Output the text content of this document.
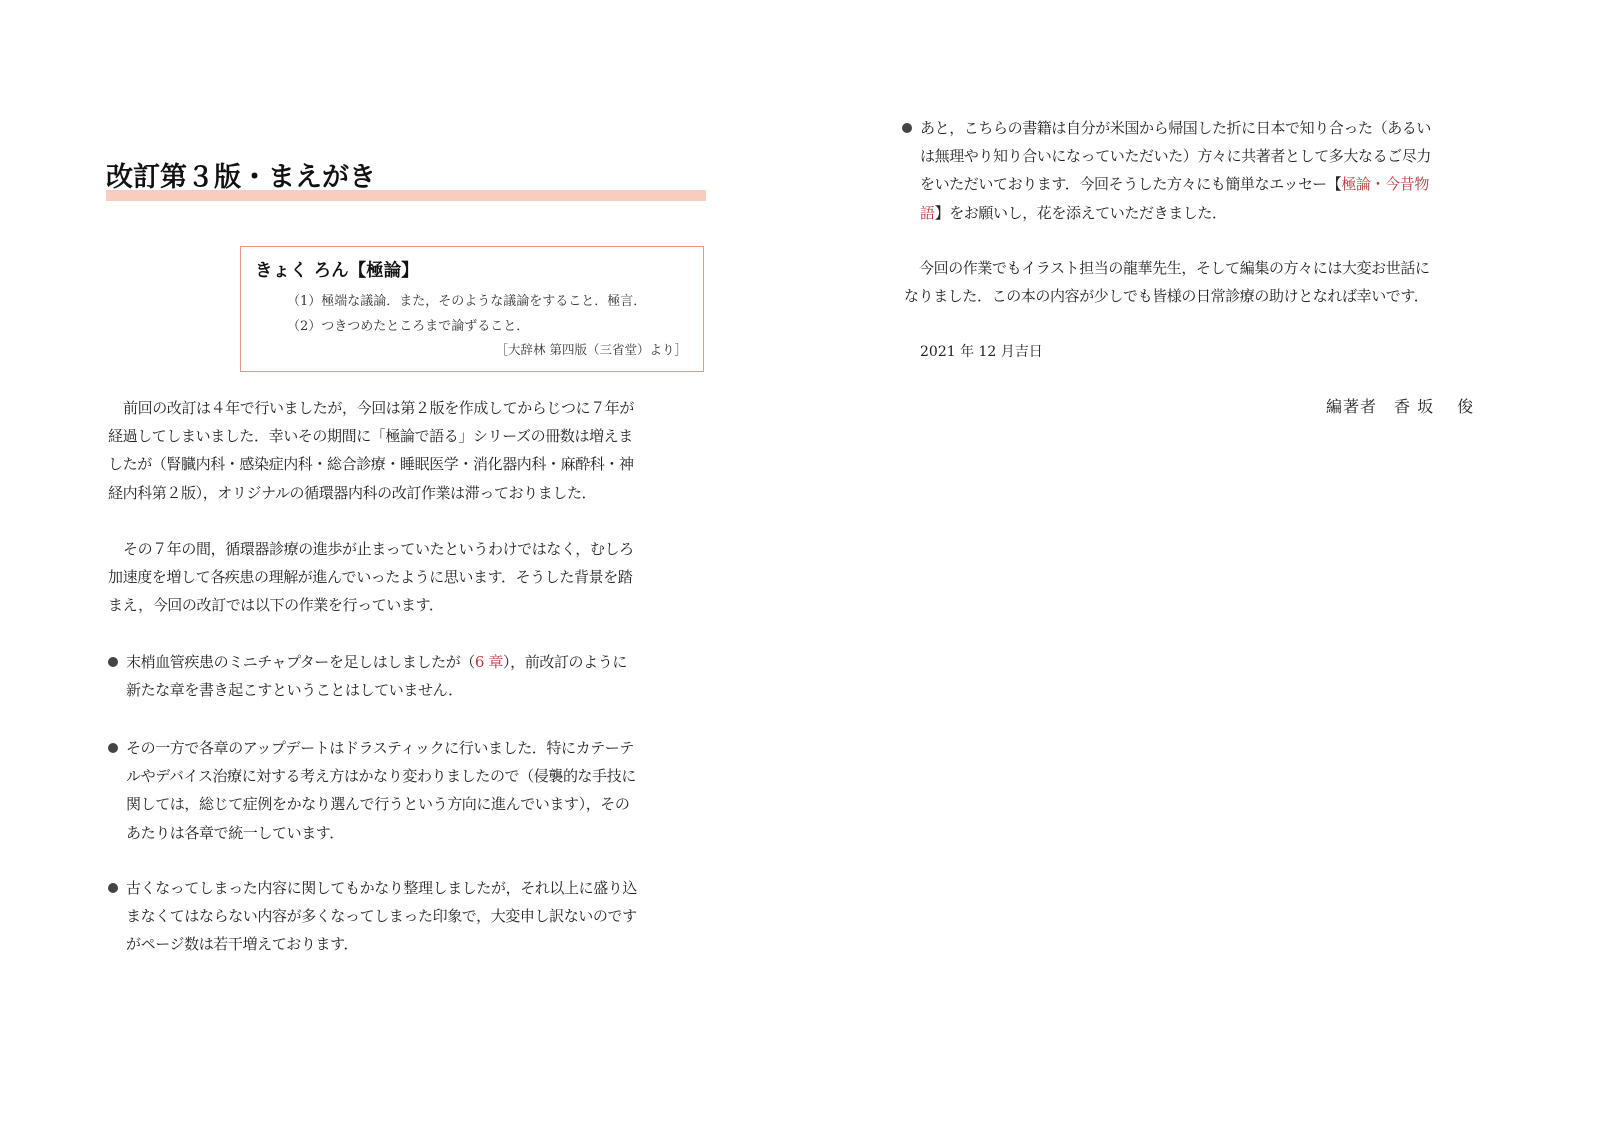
改訂第３版・まえがき
きょく ろん【極論】
（1）極端な議論．また，そのような議論をすること．極言．
（2）つきつめたところまで論ずること．
［大辞林 第四版（三省堂）より］

前回の改訂は４年で行いましたが，今回は第２版を作成してからじつに７年が
経過してしまいました．幸いその期間に「極論で語る」シリーズの冊数は増えま
したが（腎臓内科・感染症内科・総合診療・睡眠医学・消化器内科・麻酔科・神
経内科第２版），オリジナルの循環器内科の改訂作業は滞っておりました．

その７年の間，循環器診療の進歩が止まっていたというわけではなく，むしろ
加速度を増して各疾患の理解が進んでいったように思います．そうした背景を踏
まえ，今回の改訂では以下の作業を行っています．

末梢血管疾患のミニチャプターを足しはしましたが（6 章），前改訂のように
新たな章を書き起こすということはしていません．
その一方で各章のアップデートはドラスティックに行いました．特にカテーテ
ルやデバイス治療に対する考え方はかなり変わりましたので（侵襲的な手技に
関しては，総じて症例をかなり選んで行うという方向に進んでいます），その
あたりは各章で統一しています．
古くなってしまった内容に関してもかなり整理しましたが，それ以上に盛り込
まなくてはならない内容が多くなってしまった印象で，大変申し訳ないのです
がページ数は若干増えております．
あと，こちらの書籍は自分が米国から帰国した折に日本で知り合った（あるい
は無理やり知り合いになっていただいた）方々に共著者として多大なるご尽力
をいただいております．今回そうした方々にも簡単なエッセー【極論・今昔物
語】をお願いし，花を添えていただきました．

今回の作業でもイラスト担当の龍華先生，そして編集の方々には大変お世話に
なりました．この本の内容が少しでも皆様の日常診療の助けとなれば幸いです．

2021 年 12 月吉日
編著者　香 坂　 俊
